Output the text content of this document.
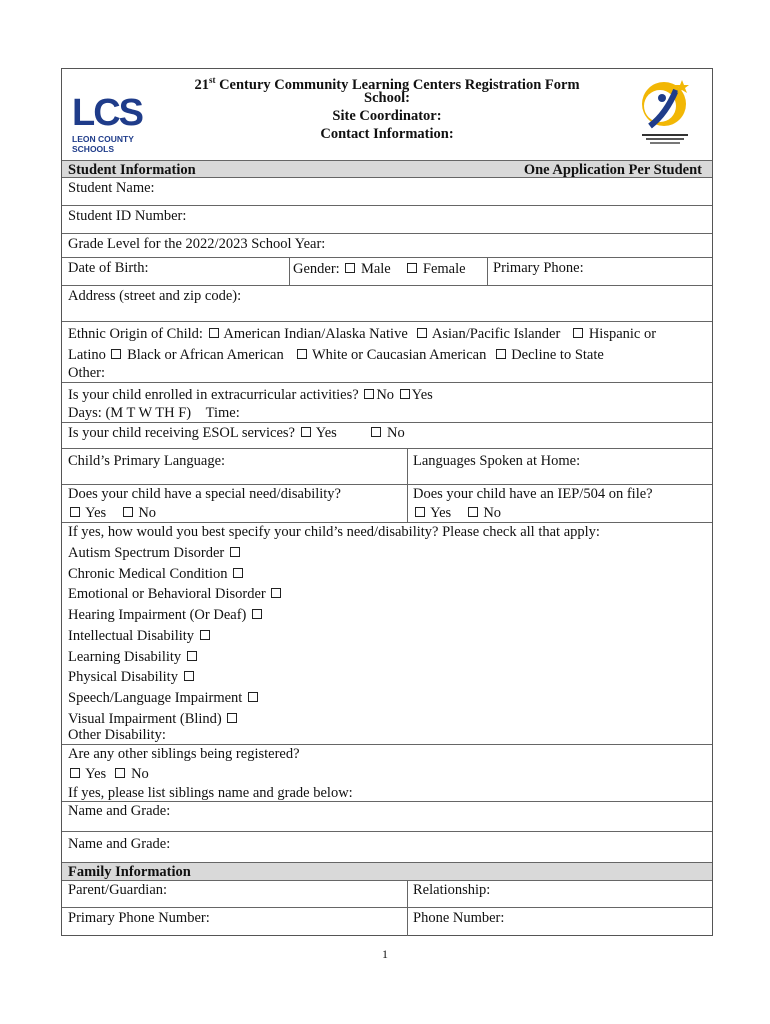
LCS
LEON COUNTY SCHOOLS
21st Century Community Learning Centers Registration Form
School:
Site Coordinator:
Contact Information:
Student Information	One Application Per Student
Student Name:
Student ID Number:
Grade Level for the 2022/2023 School Year:
Date of Birth:	Gender: Male Female Primary Phone:
Address (street and zip code):
Ethnic Origin of Child: American Indian/Alaska Native Asian/Pacific Islander Hispanic or
Latino Black or African American White or Caucasian American Decline to State
Other:
Is your child enrolled in extracurricular activities? No Yes
Days: (M T W TH F) Time:
Is your child receiving ESOL services? Yes	No
Child’s Primary Language:	Languages Spoken at Home:
Does your child have a special need/disability?
Yes No
Does your child have an IEP/504 on file?
Yes No
If yes, how would you best specify your child’s need/disability? Please check all that apply:
Autism Spectrum Disorder
Chronic Medical Condition
Emotional or Behavioral Disorder
Hearing Impairment (Or Deaf)
Intellectual Disability
Learning Disability
Physical Disability
Speech/Language Impairment
Visual Impairment (Blind)
Other Disability:
Are any other siblings being registered?
Yes No
If yes, please list siblings name and grade below:
Name and Grade:
Name and Grade:
Family Information
Parent/Guardian:	Relationship:
Primary Phone Number:	Phone Number:
1
